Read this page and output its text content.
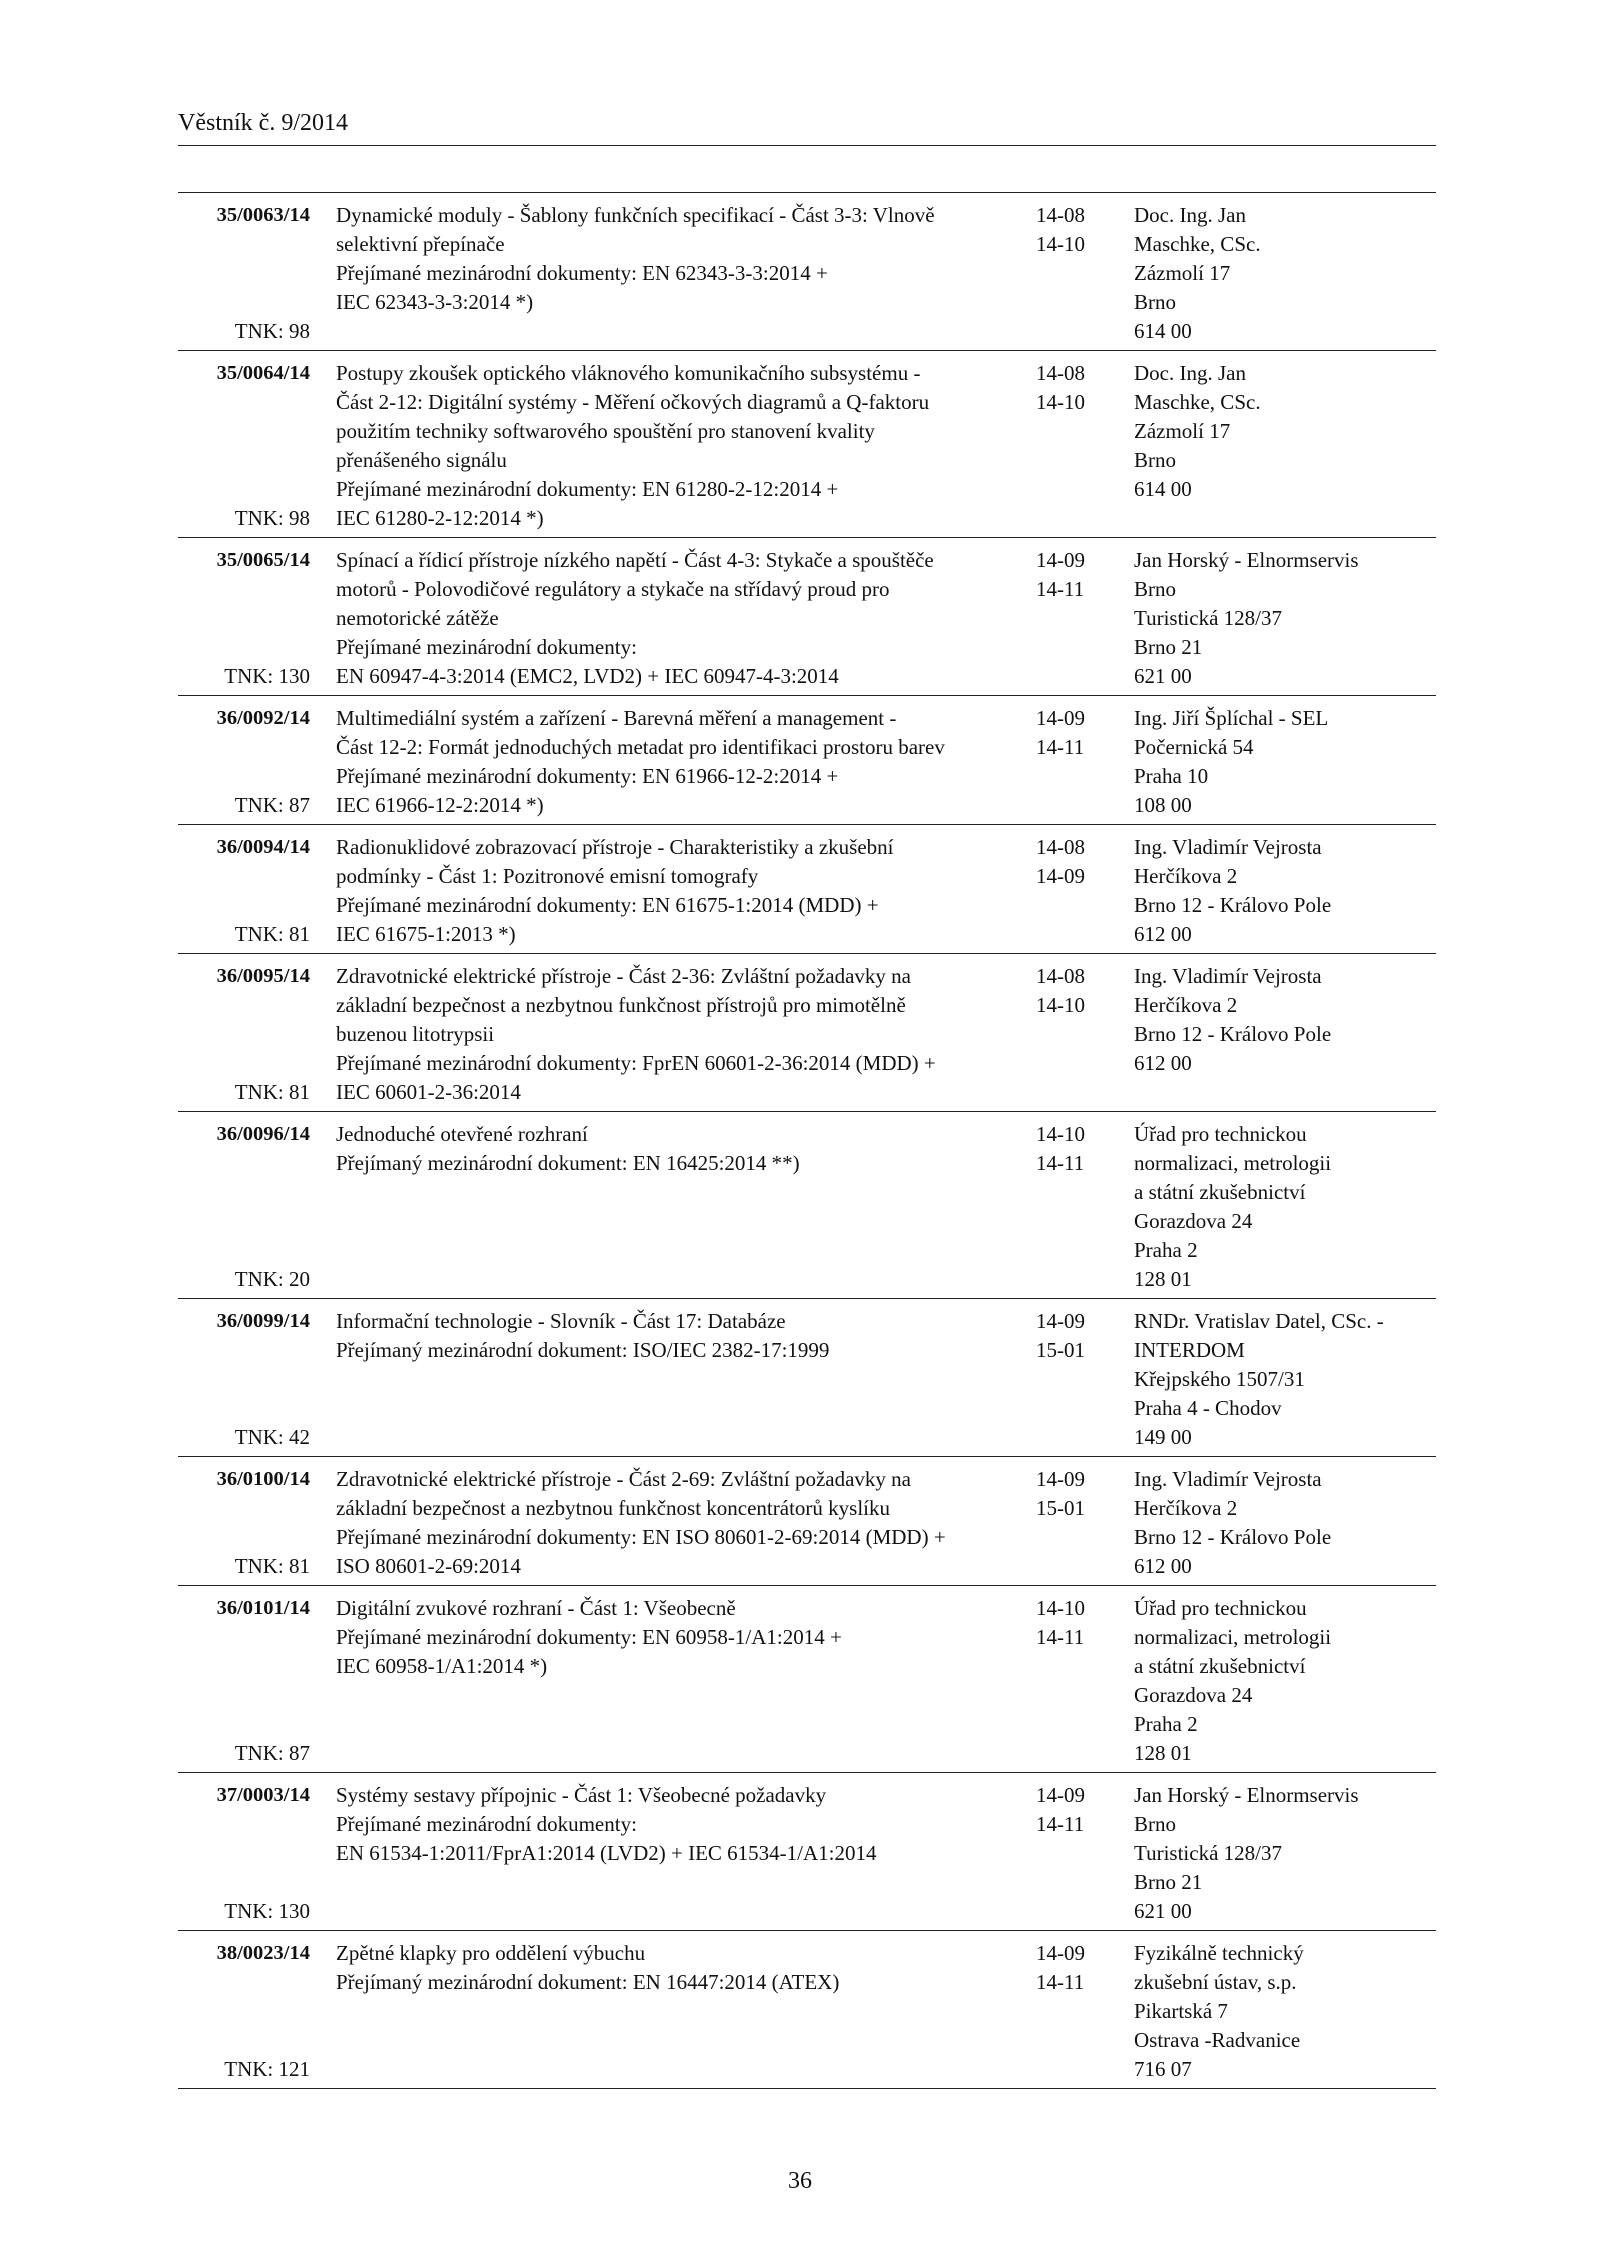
Věstník č. 9/2014
35/0063/14
TNK: 98
Dynamické moduly - Šablony funkčních specifikací - Část 3-3: Vlnově
selektivní přepínače
Přejímané mezinárodní dokumenty: EN 62343-3-3:2014 +
IEC 62343-3-3:2014 *)
14-08
14-10
Doc. Ing. Jan
Maschke, CSc.
Zázmolí 17
Brno
614 00
35/0064/14
TNK: 98
Postupy zkoušek optického vláknového komunikačního subsystému -
Část 2-12: Digitální systémy - Měření očkových diagramů a Q-faktoru
použitím techniky softwarového spouštění pro stanovení kvality
přenášeného signálu
Přejímané mezinárodní dokumenty: EN 61280-2-12:2014 +
IEC 61280-2-12:2014 *)
14-08
14-10
Doc. Ing. Jan
Maschke, CSc.
Zázmolí 17
Brno
614 00
35/0065/14
TNK: 130
Spínací a řídicí přístroje nízkého napětí - Část 4-3: Stykače a spouštěče
motorů - Polovodičové regulátory a stykače na střídavý proud pro
nemotorické zátěže
Přejímané mezinárodní dokumenty:
EN 60947-4-3:2014 (EMC2, LVD2) + IEC 60947-4-3:2014
14-09
14-11
Jan Horský - Elnormservis
Brno
Turistická 128/37
Brno 21
621 00
36/0092/14
TNK: 87
Multimediální systém a zařízení - Barevná měření a management -
Část 12-2: Formát jednoduchých metadat pro identifikaci prostoru barev
Přejímané mezinárodní dokumenty: EN 61966-12-2:2014 +
IEC 61966-12-2:2014 *)
14-09
14-11
Ing. Jiří Šplíchal - SEL
Počernická 54
Praha 10
108 00
36/0094/14
TNK: 81
Radionuklidové zobrazovací přístroje - Charakteristiky a zkušební
podmínky - Část 1: Pozitronové emisní tomografy
Přejímané mezinárodní dokumenty: EN 61675-1:2014 (MDD) +
IEC 61675-1:2013 *)
14-08
14-09
Ing. Vladimír Vejrosta
Herčíkova 2
Brno 12 - Královo Pole
612 00
36/0095/14
TNK: 81
Zdravotnické elektrické přístroje - Část 2-36: Zvláštní požadavky na
základní bezpečnost a nezbytnou funkčnost přístrojů pro mimotělně
buzenou litotrypsii
Přejímané mezinárodní dokumenty: FprEN 60601-2-36:2014 (MDD) +
IEC 60601-2-36:2014
14-08
14-10
Ing. Vladimír Vejrosta
Herčíkova 2
Brno 12 - Královo Pole
612 00
36/0096/14
TNK: 20
Jednoduché otevřené rozhraní
Přejímaný mezinárodní dokument: EN 16425:2014 **)
14-10
14-11
Úřad pro technickou
normalizaci, metrologii
a státní zkušebnictví
Gorazdova 24
Praha 2
128 01
36/0099/14
TNK: 42
Informační technologie - Slovník - Část 17: Databáze
Přejímaný mezinárodní dokument: ISO/IEC 2382-17:1999
14-09
15-01
RNDr. Vratislav Datel, CSc. -
INTERDOM
Křejpského 1507/31
Praha 4 - Chodov
149 00
36/0100/14
TNK: 81
Zdravotnické elektrické přístroje - Část 2-69: Zvláštní požadavky na
základní bezpečnost a nezbytnou funkčnost koncentrátorů kyslíku
Přejímané mezinárodní dokumenty: EN ISO 80601-2-69:2014 (MDD) +
ISO 80601-2-69:2014
14-09
15-01
Ing. Vladimír Vejrosta
Herčíkova 2
Brno 12 - Královo Pole
612 00
36/0101/14
TNK: 87
Digitální zvukové rozhraní - Část 1: Všeobecně
Přejímané mezinárodní dokumenty: EN 60958-1/A1:2014 +
IEC 60958-1/A1:2014 *)
14-10
14-11
Úřad pro technickou
normalizaci, metrologii
a státní zkušebnictví
Gorazdova 24
Praha 2
128 01
37/0003/14
TNK: 130
Systémy sestavy přípojnic - Část 1: Všeobecné požadavky
Přejímané mezinárodní dokumenty:
EN 61534-1:2011/FprA1:2014 (LVD2) + IEC 61534-1/A1:2014
14-09
14-11
Jan Horský - Elnormservis
Brno
Turistická 128/37
Brno 21
621 00
38/0023/14
TNK: 121
Zpětné klapky pro oddělení výbuchu
Přejímaný mezinárodní dokument: EN 16447:2014 (ATEX)
14-09
14-11
Fyzikálně technický
zkušební ústav, s.p.
Pikartská 7
Ostrava -Radvanice
716 07
36
